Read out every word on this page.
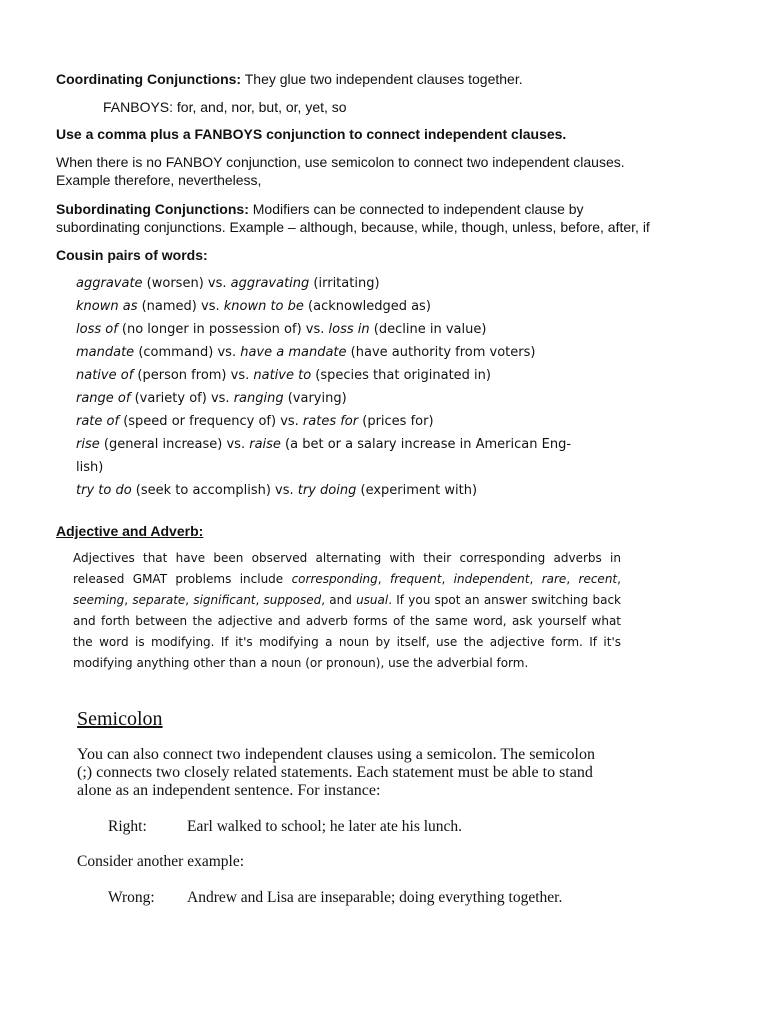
Coordinating Conjunctions: They glue two independent clauses together.
FANBOYS: for, and, nor, but, or, yet, so
Use a comma plus a FANBOYS conjunction to connect independent clauses.
When there is no FANBOY conjunction, use semicolon to connect two independent clauses.
Example therefore, nevertheless,
Subordinating Conjunctions: Modifiers can be connected to independent clause by
subordinating conjunctions. Example – although, because, while, though, unless, before, after, if
Cousin pairs of words:
aggravate (worsen) vs. aggravating (irritating)
known as (named) vs. known to be (acknowledged as)
loss of (no longer in possession of) vs. loss in (decline in value)
mandate (command) vs. have a mandate (have authority from voters)
native of (person from) vs. native to (species that originated in)
range of (variety of) vs. ranging (varying)
rate of (speed or frequency of) vs. rates for (prices for)
rise (general increase) vs. raise (a bet or a salary increase in American Eng-
lish)
try to do (seek to accomplish) vs. try doing (experiment with)
Adjective and Adverb:
Adjectives that have been observed alternating with their corresponding adverbs in released GMAT problems include corresponding, frequent, independent, rare, recent, seeming, separate, significant, supposed, and usual. If you spot an answer switching back and forth between the adjective and adverb forms of the same word, ask yourself what the word is modifying. If it's modifying a noun by itself, use the adjective form. If it's modifying anything other than a noun (or pronoun), use the adverbial form.
Semicolon
You can also connect two independent clauses using a semicolon. The semicolon (;) connects two closely related statements. Each statement must be able to stand alone as an independent sentence. For instance:
Right:	Earl walked to school; he later ate his lunch.
Consider another example:
Wrong: Andrew and Lisa are inseparable; doing everything together.
